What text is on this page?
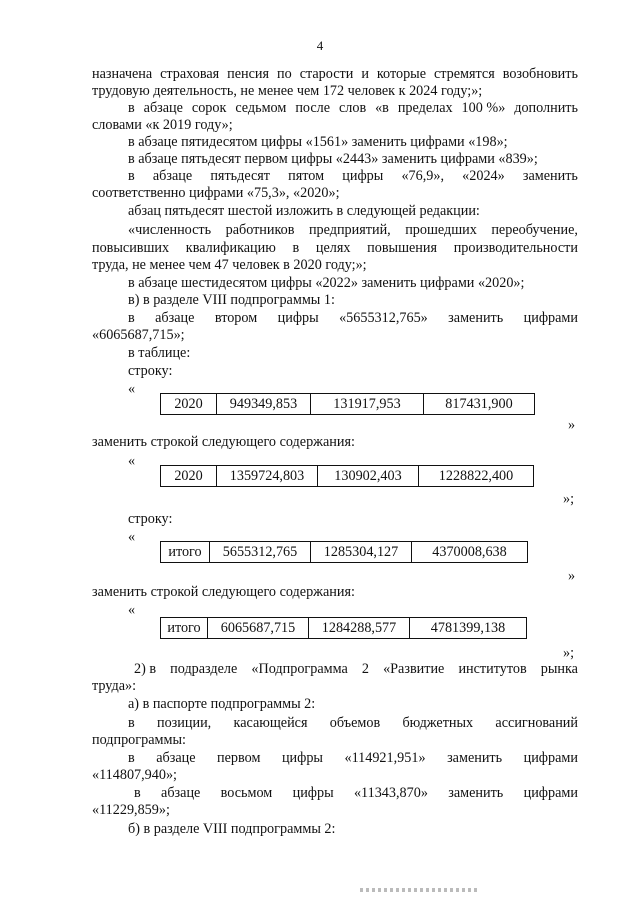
4
назначена страховая пенсия по старости и которые стремятся возобновить
трудовую деятельность, не менее чем 172 человек к 2024 году;»;
в абзаце сорок седьмом после слов «в пределах 100 %» дополнить
словами «к 2019 году»;
в абзаце пятидесятом цифры «1561» заменить цифрами «198»;
в абзаце пятьдесят первом цифры «2443» заменить цифрами «839»;
в абзаце пятьдесят пятом цифры «76,9», «2024» заменить
соответственно цифрами «75,3», «2020»;
абзац пятьдесят шестой изложить в следующей редакции:
«численность работников предприятий, прошедших переобучение,
повысивших квалификацию в целях повышения производительности
труда, не менее чем 47 человек в 2020 году;»;
в абзаце шестидесятом цифры «2022» заменить цифрами «2020»;
в) в разделе VIII подпрограммы 1:
в абзаце втором цифры «5655312,765» заменить цифрами
«6065687,715»;
в таблице:
строку:
«
2020	949349,853	131917,953	817431,900
»
заменить строкой следующего содержания:
«
2020	1359724,803	130902,403	1228822,400
»;
строку:
«
итого	5655312,765	1285304,127	4370008,638
»
заменить строкой следующего содержания:
«
итого	6065687,715	1284288,577	4781399,138
»;
2) в подразделе «Подпрограмма 2 «Развитие институтов рынка
труда»:
а) в паспорте подпрограммы 2:
в позиции, касающейся объемов бюджетных ассигнований
подпрограммы:
в абзаце первом цифры «114921,951» заменить цифрами
«114807,940»;
в абзаце восьмом цифры «11343,870» заменить цифрами
«11229,859»;
б) в разделе VIII подпрограммы 2:
